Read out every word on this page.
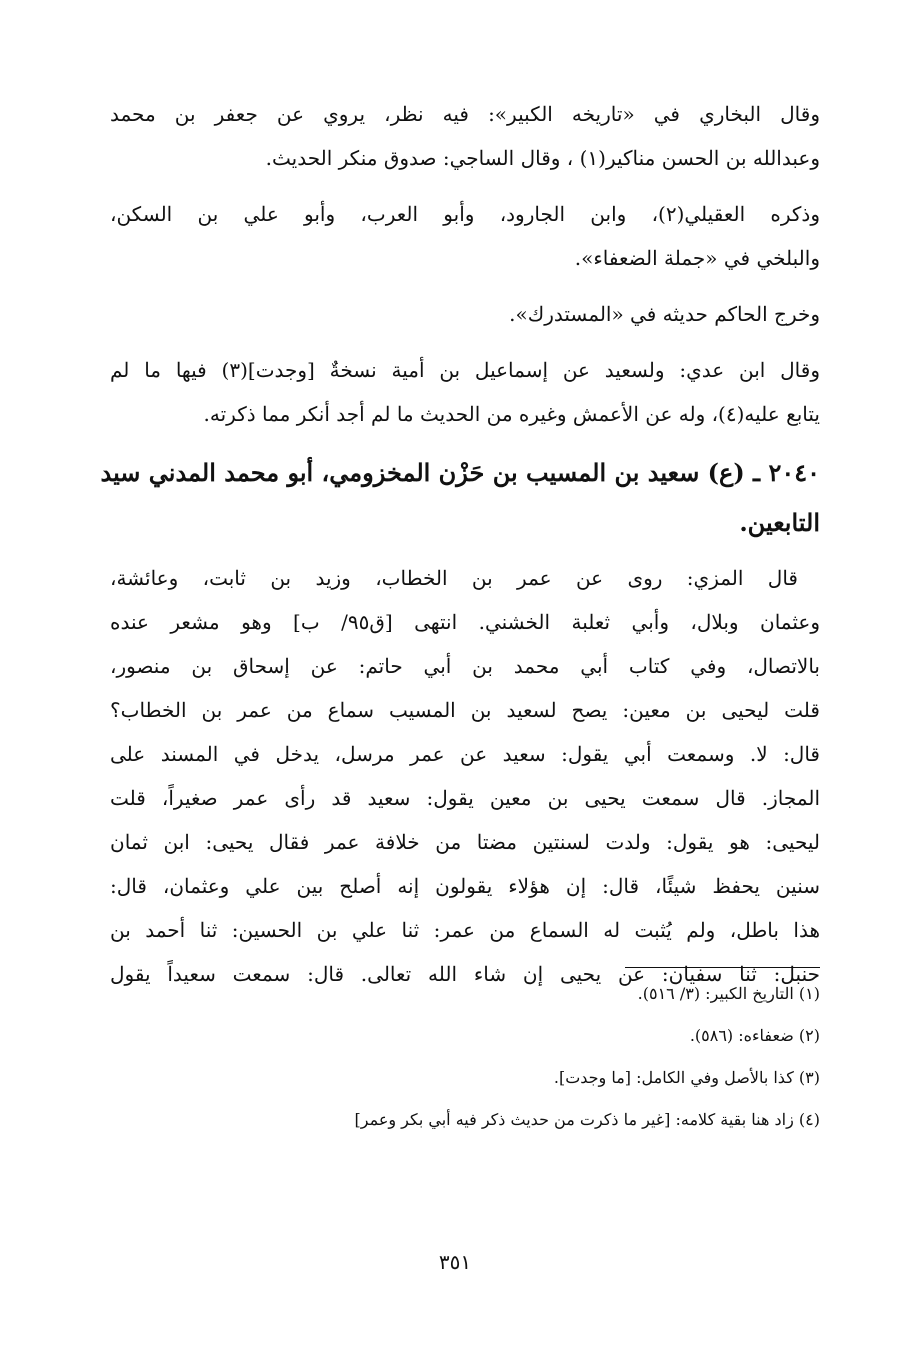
وقال البخاري في «تاريخه الكبير»: فيه نظر، يروي عن جعفر بن محمد
وعبدالله بن الحسن مناكير(١) ، وقال الساجي: صدوق منكر الحديث.

وذكره العقيلي(٢)، وابن الجارود، وأبو العرب، وأبو علي بن السكن،
والبلخي في «جملة الضعفاء».

وخرج الحاكم حديثه في «المستدرك».

وقال ابن عدي: ولسعيد عن إسماعيل بن أمية نسخةٌ [وجدت](٣) فيها ما لم
يتابع عليه(٤)، وله عن الأعمش وغيره من الحديث ما لم أجد أنكر مما ذكرته.

٢٠٤٠ ـ (ع) سعيد بن المسيب بن حَزْن المخزومي، أبو محمد المدني سيد
التابعين.

قال المزي: روى عن عمر بن الخطاب، وزيد بن ثابت، وعائشة،
وعثمان وبلال، وأبي ثعلبة الخشني. انتهى [ق٩٥/ ب] وهو مشعر عنده
بالاتصال، وفي كتاب أبي محمد بن أبي حاتم: عن إسحاق بن منصور،
قلت ليحيى بن معين: يصح لسعيد بن المسيب سماع من عمر بن الخطاب؟
قال: لا. وسمعت أبي يقول: سعيد عن عمر مرسل، يدخل في المسند على
المجاز. قال سمعت يحيى بن معين يقول: سعيد قد رأى عمر صغيراً، قلت
ليحيى: هو يقول: ولدت لسنتين مضتا من خلافة عمر فقال يحيى: ابن ثمان
سنين يحفظ شيئًا، قال: إن هؤلاء يقولون إنه أصلح بين علي وعثمان، قال:
هذا باطل، ولم يُثبت له السماع من عمر: ثنا علي بن الحسين: ثنا أحمد بن
حنبل: ثنا سفيان: عن يحيى إن شاء الله تعالى. قال: سمعت سعيداً يقول

(١) التاريخ الكبير: (٣/ ٥١٦).

(٢) ضعفاءه: (٥٨٦).

(٣) كذا بالأصل وفي الكامل: [ما وجدت].

(٤) زاد هنا بقية كلامه: [غير ما ذكرت من حديث ذكر فيه أبي بكر وعمر]

٣٥١
